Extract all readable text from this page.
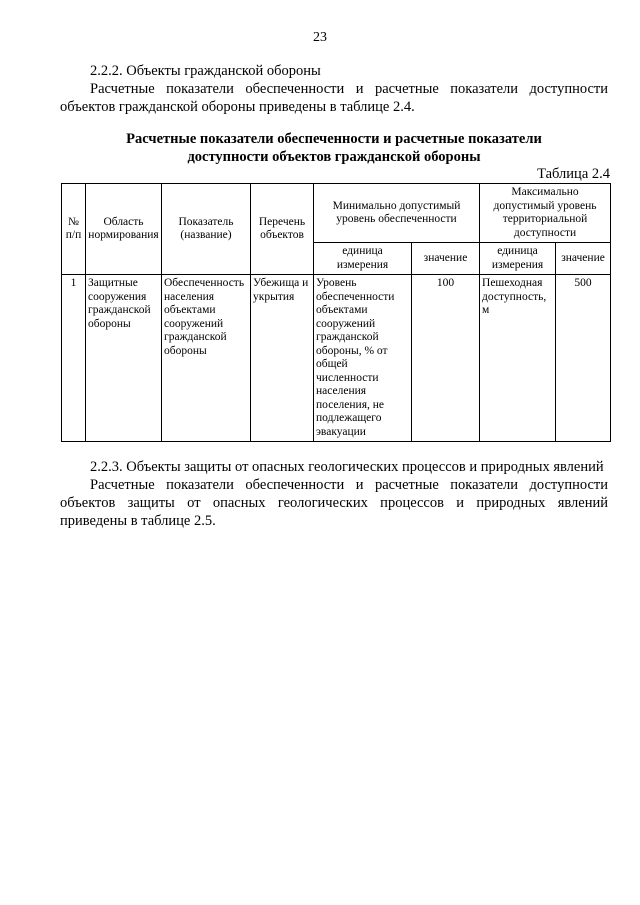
23
2.2.2. Объекты гражданской обороны
Расчетные показатели обеспеченности и расчетные показатели доступности объектов гражданской обороны приведены в таблице 2.4.
Расчетные показатели обеспеченности и расчетные показатели
доступности объектов гражданской обороны
Таблица 2.4
№ п/п	Область нормирования	Показатель (название)	Перечень объектов	Минимально допустимый уровень обеспеченности		Максимально допустимый уровень территориальной доступности	
				единица измерения	значение	единица измерения	значение
1	Защитные сооружения гражданской обороны	Обеспеченность населения объектами сооружений гражданской обороны	Убежища и укрытия	Уровень обеспеченности объектами сооружений гражданской обороны, % от общей численности населения поселения, не подлежащего эвакуации	100	Пешеходная доступность, м	500
2.2.3. Объекты защиты от опасных геологических процессов и природных явлений
Расчетные показатели обеспеченности и расчетные показатели доступности объектов защиты от опасных геологических процессов и природных явлений приведены в таблице 2.5.
